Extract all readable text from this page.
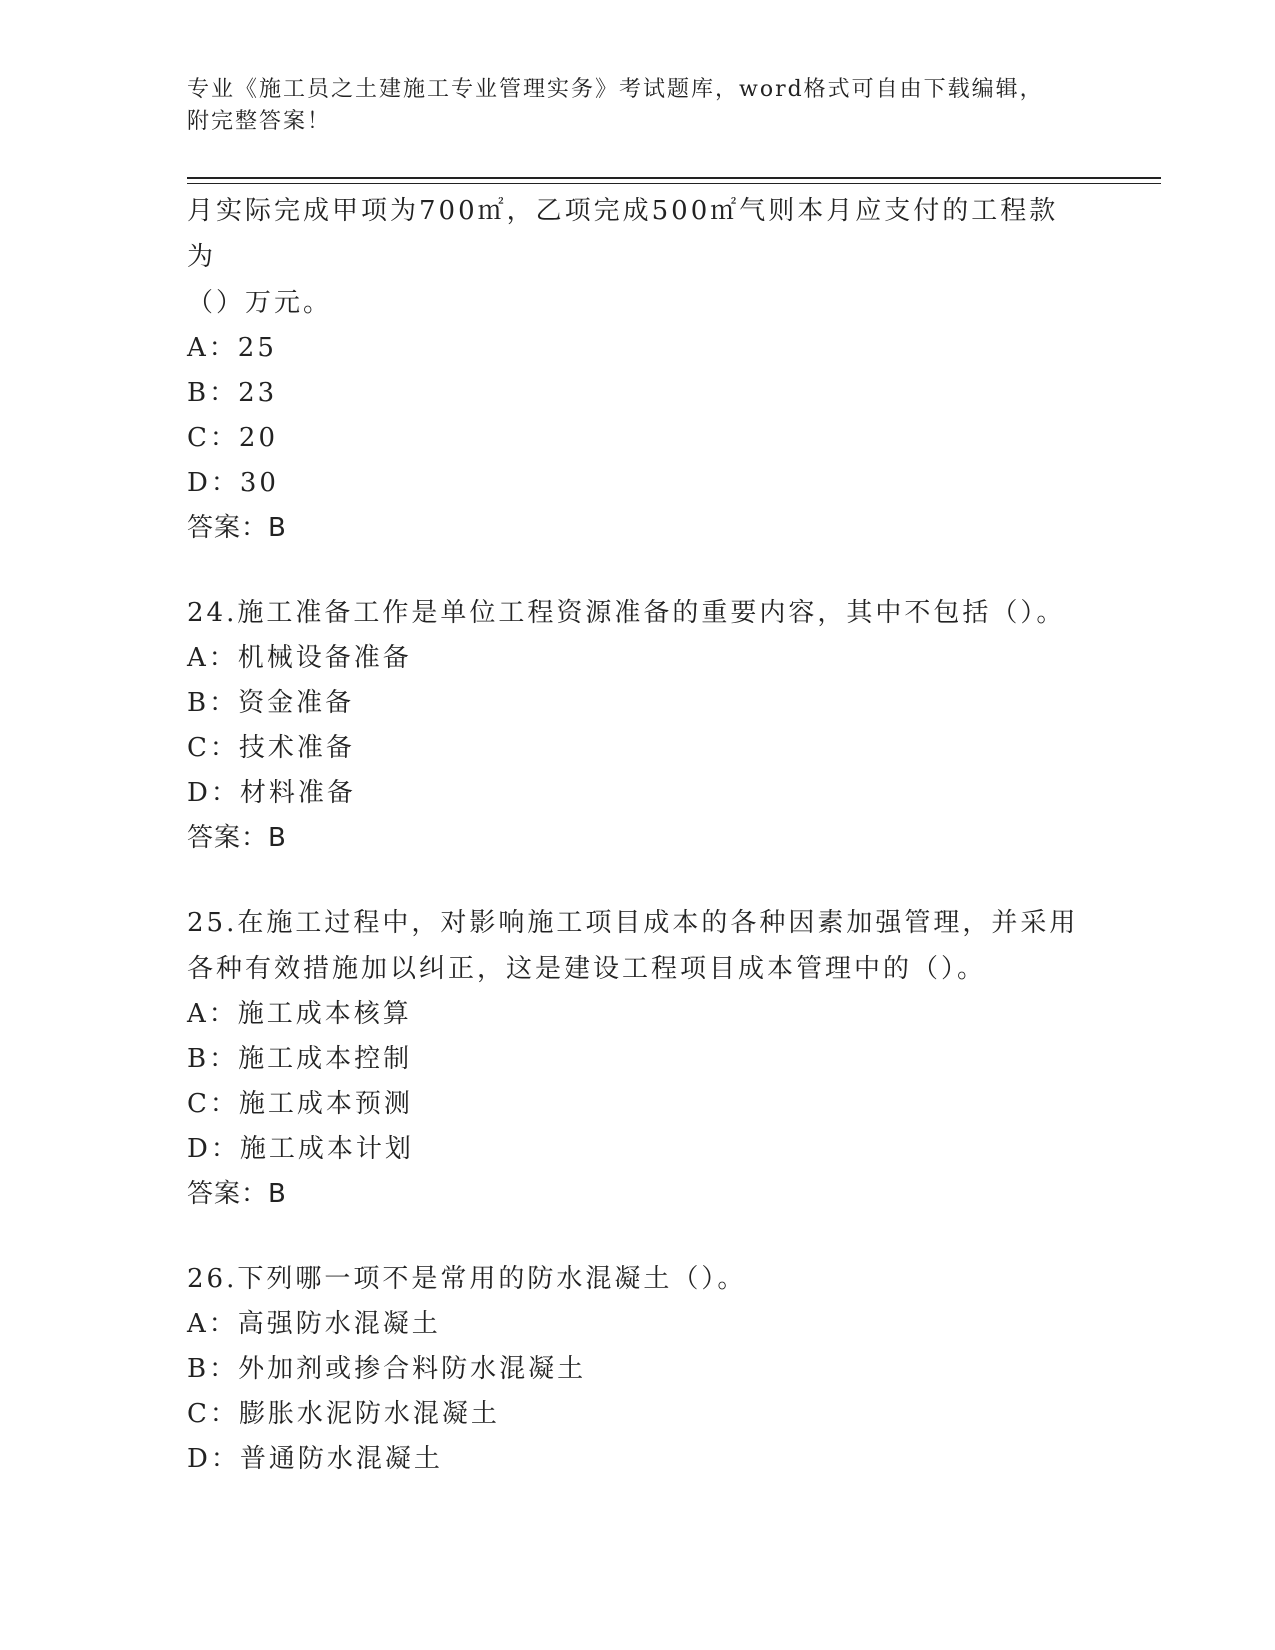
专业《施工员之土建施工专业管理实务》考试题库，word格式可自由下载编辑，
附完整答案！
月实际完成甲项为700㎡，乙项完成500㎡气则本月应支付的工程款为
（）万元。
A：25
B：23
C：20
D：30
答案：B
24.施工准备工作是单位工程资源准备的重要内容，其中不包括（）。
A：机械设备准备
B：资金准备
C：技术准备
D：材料准备
答案：B
25.在施工过程中，对影响施工项目成本的各种因素加强管理，并采用
各种有效措施加以纠正，这是建设工程项目成本管理中的（）。
A：施工成本核算
B：施工成本控制
C：施工成本预测
D：施工成本计划
答案：B
26.下列哪一项不是常用的防水混凝土（）。
A：高强防水混凝土
B：外加剂或掺合料防水混凝土
C：膨胀水泥防水混凝土
D：普通防水混凝土
